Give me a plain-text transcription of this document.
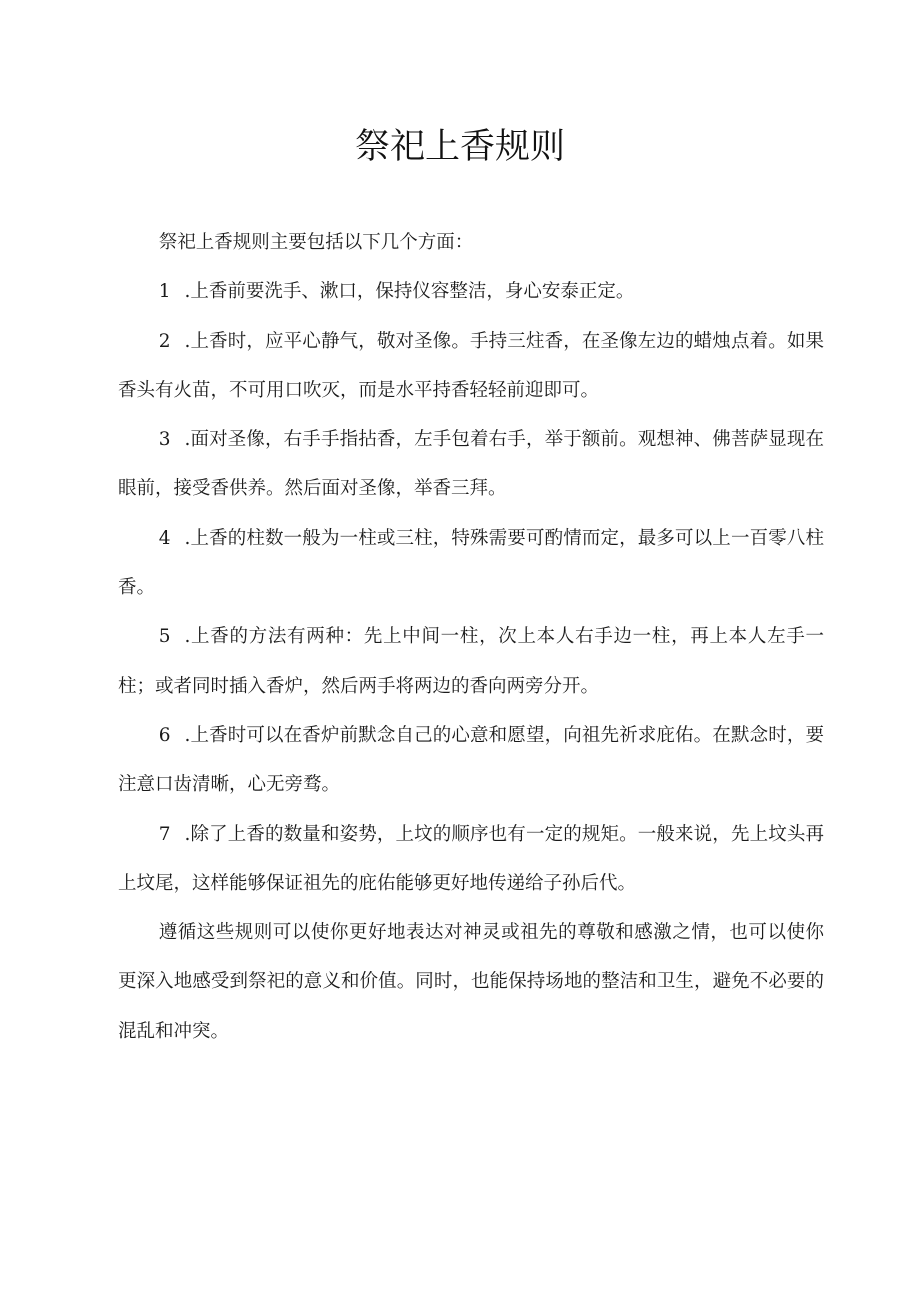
祭祀上香规则

祭祀上香规则主要包括以下几个方面：

1 .上香前要洗手、漱口，保持仪容整洁，身心安泰正定。

2 .上香时，应平心静气，敬对圣像。手持三炷香，在圣像左边的蜡烛点着。如果香头有火苗，不可用口吹灭，而是水平持香轻轻前迎即可。

3 .面对圣像，右手手指拈香，左手包着右手，举于额前。观想神、佛菩萨显现在眼前，接受香供养。然后面对圣像，举香三拜。

4 .上香的柱数一般为一柱或三柱，特殊需要可酌情而定，最多可以上一百零八柱香。

5 .上香的方法有两种：先上中间一柱，次上本人右手边一柱，再上本人左手一柱；或者同时插入香炉，然后两手将两边的香向两旁分开。

6 .上香时可以在香炉前默念自己的心意和愿望，向祖先祈求庇佑。在默念时，要注意口齿清晰，心无旁骛。

7 .除了上香的数量和姿势，上坟的顺序也有一定的规矩。一般来说，先上坟头再上坟尾，这样能够保证祖先的庇佑能够更好地传递给子孙后代。

遵循这些规则可以使你更好地表达对神灵或祖先的尊敬和感激之情，也可以使你更深入地感受到祭祀的意义和价值。同时，也能保持场地的整洁和卫生，避免不必要的混乱和冲突。
